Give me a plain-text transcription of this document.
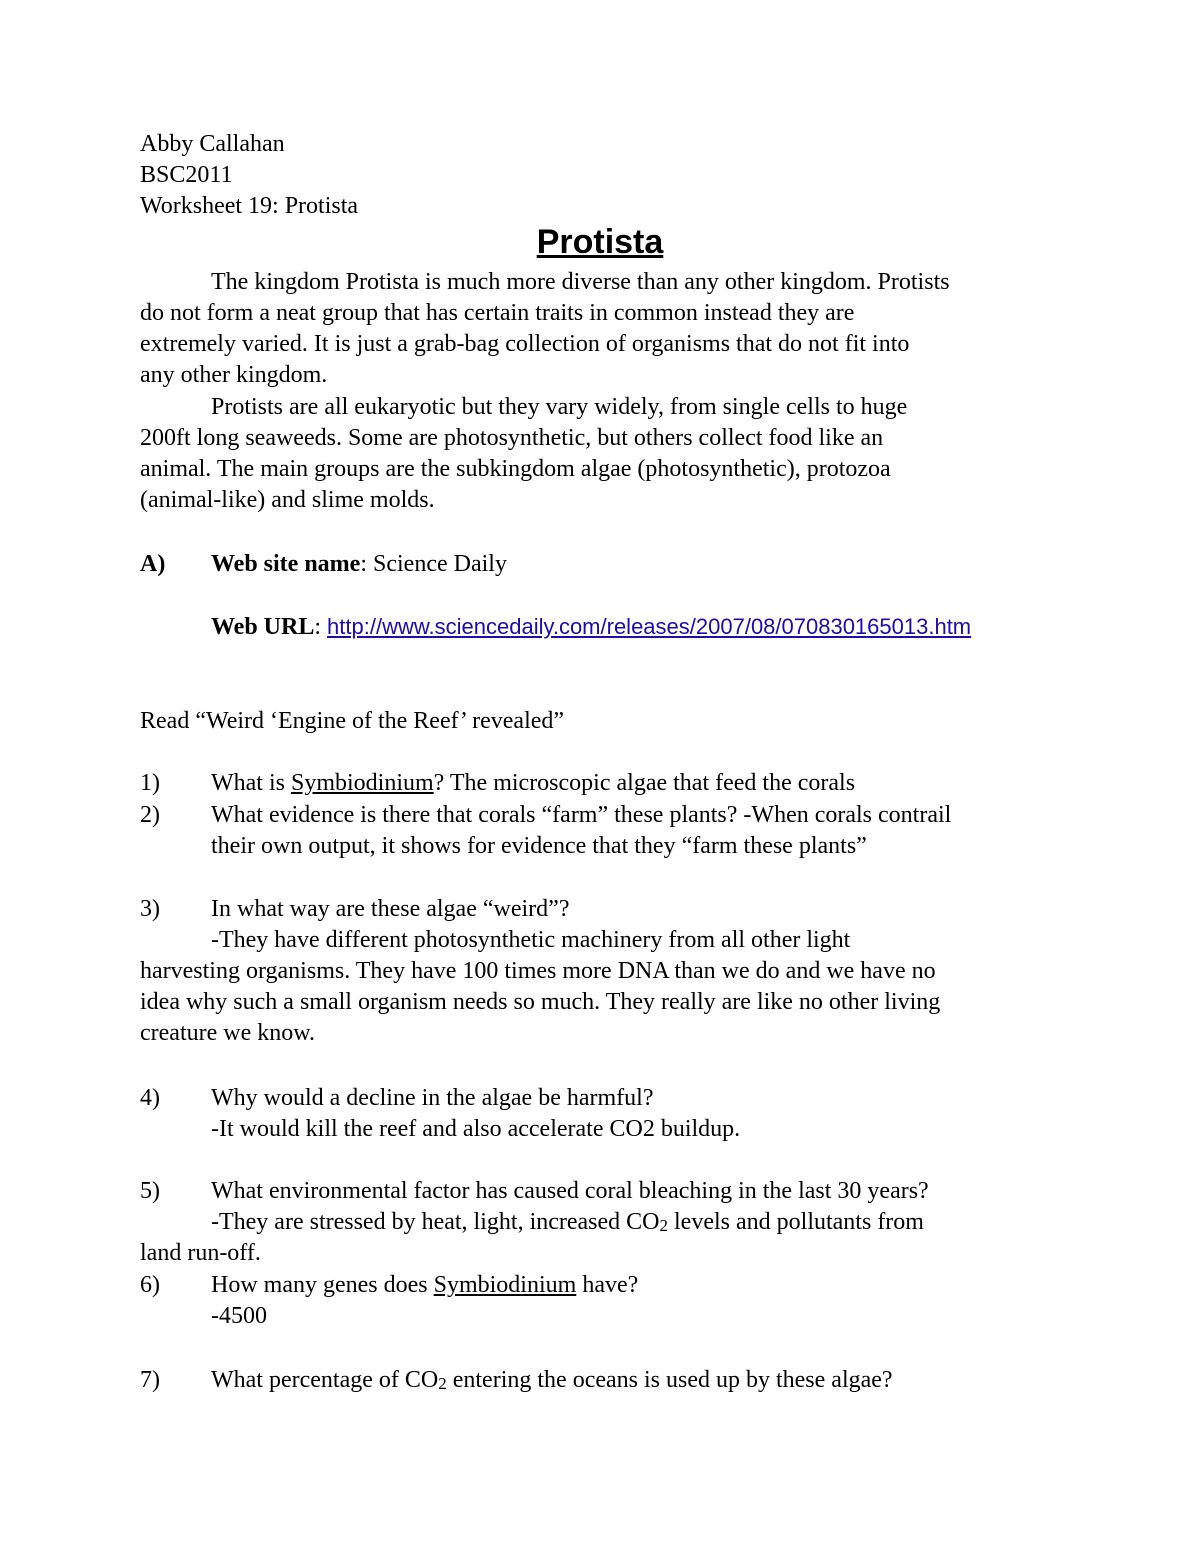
Abby Callahan
BSC2011
Worksheet 19: Protista
Protista
The kingdom Protista is much more diverse than any other kingdom. Protists
do not form a neat group that has certain traits in common instead they are
extremely varied. It is just a grab-bag collection of organisms that do not fit into
any other kingdom.
Protists are all eukaryotic but they vary widely, from single cells to huge
200ft long seaweeds. Some are photosynthetic, but others collect food like an
animal. The main groups are the subkingdom algae (photosynthetic), protozoa
(animal-like) and slime molds.
A) Web site name: Science Daily
Web URL: http://www.sciencedaily.com/releases/2007/08/070830165013.htm
Read “Weird ‘Engine of the Reef’ revealed”
1) What is Symbiodinium? The microscopic algae that feed the corals
2) What evidence is there that corals “farm” these plants? -When corals contrail
their own output, it shows for evidence that they “farm these plants”
3) In what way are these algae “weird”?
-They have different photosynthetic machinery from all other light
harvesting organisms. They have 100 times more DNA than we do and we have no
idea why such a small organism needs so much. They really are like no other living
creature we know.
4) Why would a decline in the algae be harmful?
-It would kill the reef and also accelerate CO2 buildup.
5) What environmental factor has caused coral bleaching in the last 30 years?
-They are stressed by heat, light, increased CO2 levels and pollutants from
land run-off.
6) How many genes does Symbiodinium have?
-4500
7) What percentage of CO2 entering the oceans is used up by these algae?
